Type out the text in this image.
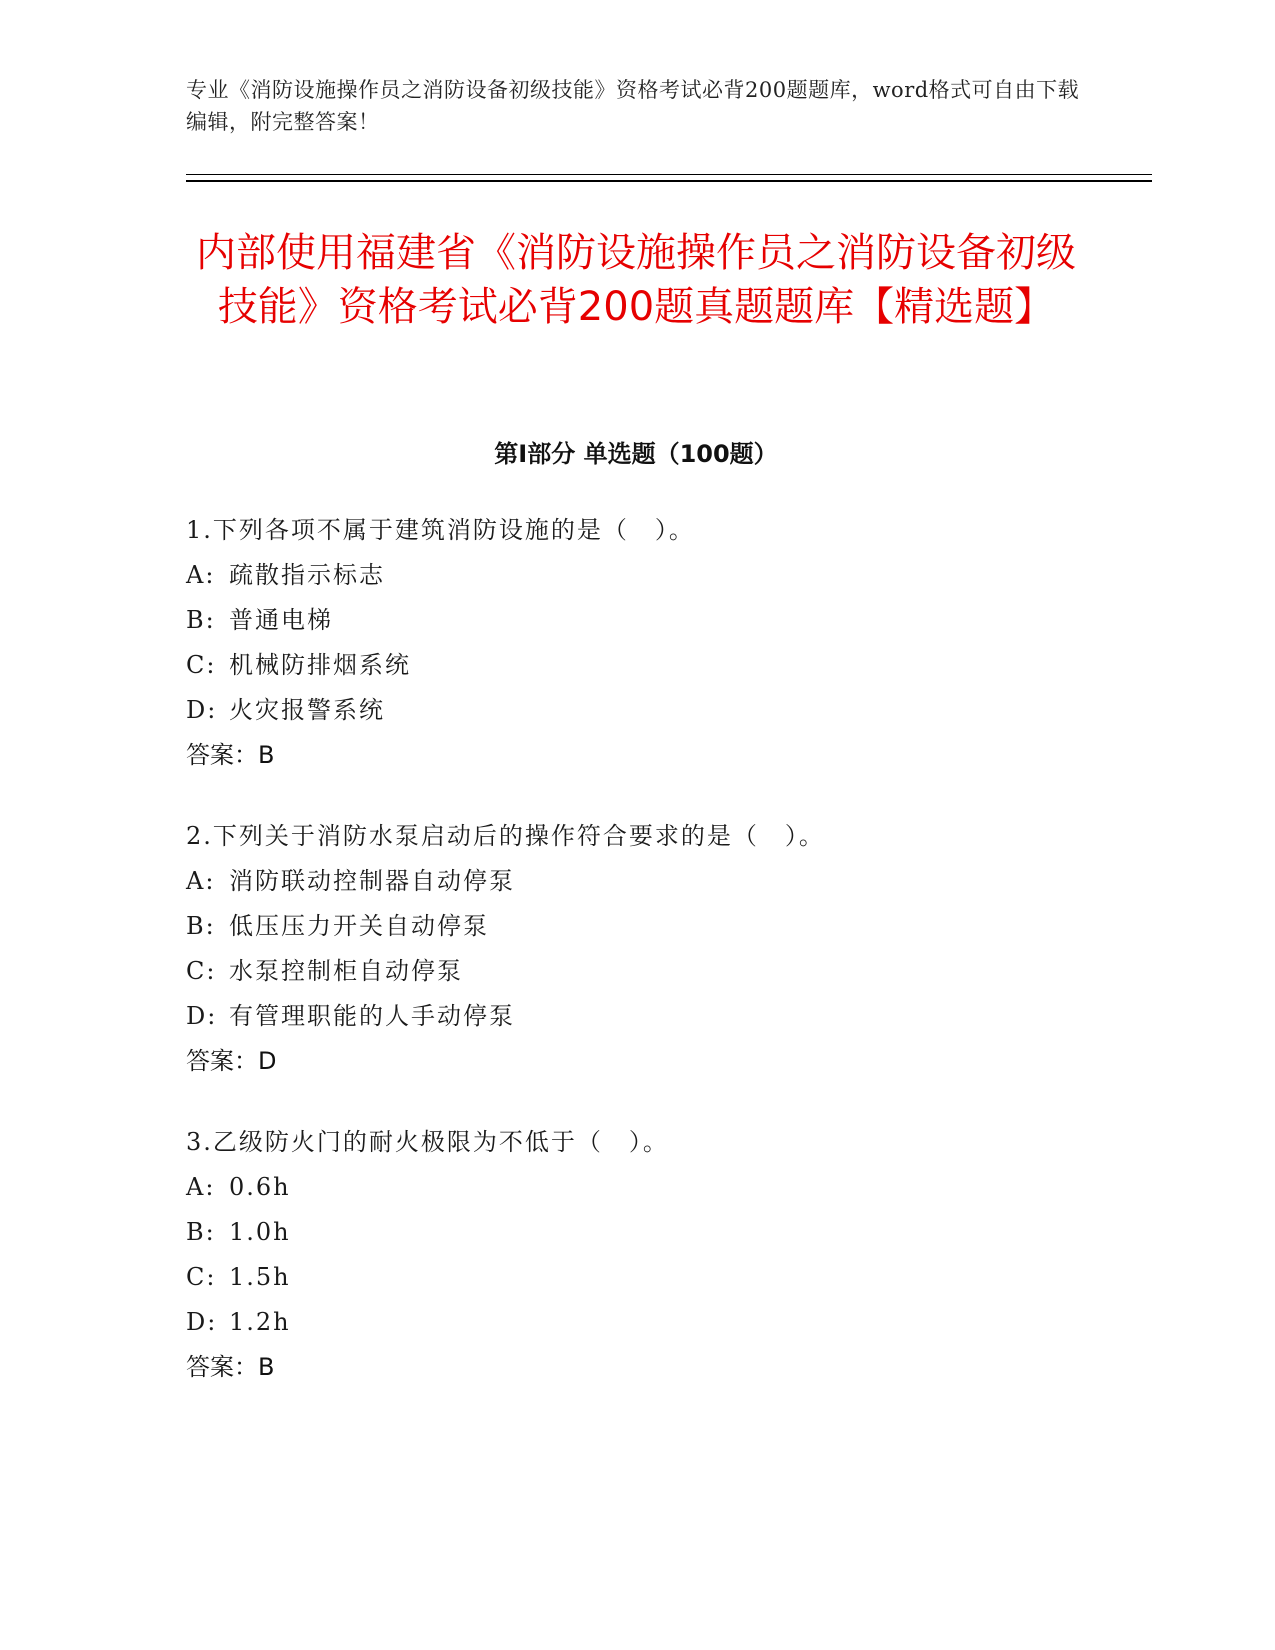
专业《消防设施操作员之消防设备初级技能》资格考试必背200题题库，word格式可自由下载编辑，附完整答案！
内部使用福建省《消防设施操作员之消防设备初级技能》资格考试必背200题真题题库【精选题】
第Ⅰ部分 单选题（100题）
1.下列各项不属于建筑消防设施的是（　）。
A: 疏散指示标志
B: 普通电梯
C: 机械防排烟系统
D: 火灾报警系统
答案：B
2.下列关于消防水泵启动后的操作符合要求的是（　）。
A: 消防联动控制器自动停泵
B: 低压压力开关自动停泵
C: 水泵控制柜自动停泵
D: 有管理职能的人手动停泵
答案：D
3.乙级防火门的耐火极限为不低于（　）。
A: 0.6h
B: 1.0h
C: 1.5h
D: 1.2h
答案：B
